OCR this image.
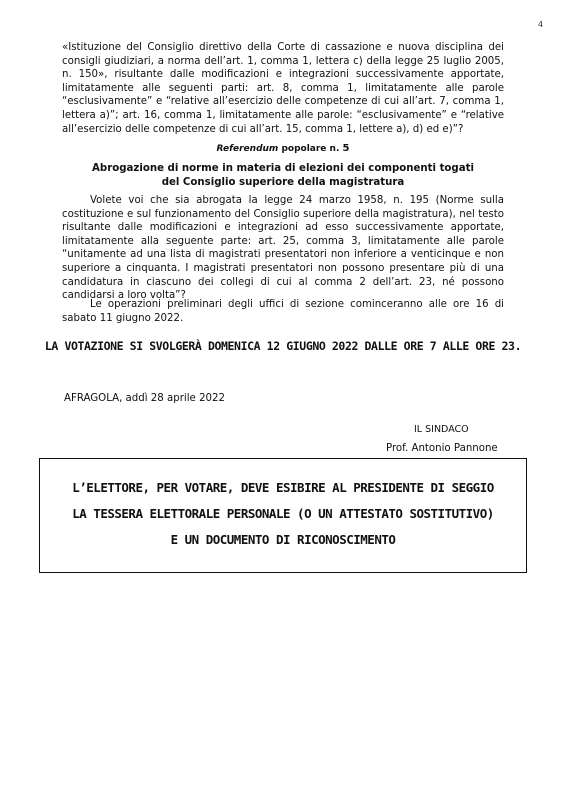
4

«Istituzione del Consiglio direttivo della Corte di cassazione e nuova disciplina dei consigli giudiziari, a norma dell’art. 1, comma 1, lettera c) della legge 25 luglio 2005, n. 150», risultante dalle modificazioni e integrazioni successivamente apportate, limitatamente alle seguenti parti: art. 8, comma 1, limitatamente alle parole “esclusivamente” e “relative all’esercizio delle competenze di cui all’art. 7, comma 1, lettera a)”; art. 16, comma 1, limitatamente alle parole: “esclusivamente” e “relative all’esercizio delle competenze di cui all’art. 15, comma 1, lettere a), d) ed e)”?

Referendum popolare n. 5

Abrogazione di norme in materia di elezioni dei componenti togati
del Consiglio superiore della magistratura

Volete voi che sia abrogata la legge 24 marzo 1958, n. 195 (Norme sulla costituzione e sul funzionamento del Consiglio superiore della magistratura), nel testo risultante dalle modificazioni e integrazioni ad esso successivamente apportate, limitatamente alla seguente parte: art. 25, comma 3, limitatamente alle parole “unitamente ad una lista di magistrati presentatori non inferiore a venticinque e non superiore a cinquanta. I magistrati presentatori non possono presentare più di una candidatura in ciascuno dei collegi di cui al comma 2 dell’art. 23, né possono candidarsi a loro volta”?

Le operazioni preliminari degli uffici di sezione cominceranno alle ore 16 di sabato 11 giugno 2022.

LA VOTAZIONE SI SVOLGERÀ DOMENICA 12 GIUGNO 2022 DALLE ORE 7 ALLE ORE 23.

AFRAGOLA, addì 28 aprile 2022

IL SINDACO

Prof. Antonio Pannone

L’ELETTORE, PER VOTARE, DEVE ESIBIRE AL PRESIDENTE DI SEGGIO

LA TESSERA ELETTORALE PERSONALE (O UN ATTESTATO SOSTITUTIVO)

E UN DOCUMENTO DI RICONOSCIMENTO
